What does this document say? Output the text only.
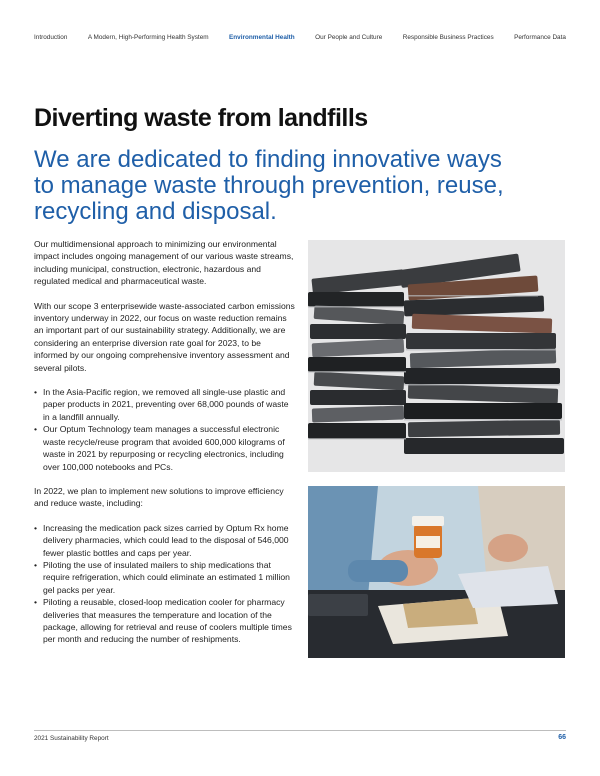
Introduction	A Modern, High-Performing Health System	Environmental Health	Our People and Culture	Responsible Business Practices	Performance Data
Diverting waste from landfills
We are dedicated to finding innovative ways to manage waste through prevention, reuse, recycling and disposal.

Our multidimensional approach to minimizing our environmental impact includes ongoing management of our various waste streams, including municipal, construction, electronic, hazardous and regulated medical and pharmaceutical waste.

With our scope 3 enterprisewide waste-associated carbon emissions inventory underway in 2022, our focus on waste reduction remains an important part of our sustainability strategy. Additionally, we are considering an enterprise diversion rate goal for 2023, to be informed by our ongoing comprehensive inventory assessment and several pilots.

• In the Asia-Pacific region, we removed all single-use plastic and paper products in 2021, preventing over 68,000 pounds of waste in a landfill annually.
• Our Optum Technology team manages a successful electronic waste recycle/reuse program that avoided 600,000 kilograms of waste in 2021 by repurposing or recycling electronics, including over 100,000 notebooks and PCs.

In 2022, we plan to implement new solutions to improve efficiency and reduce waste, including:

• Increasing the medication pack sizes carried by Optum Rx home delivery pharmacies, which could lead to the disposal of 546,000 fewer plastic bottles and caps per year.
• Piloting the use of insulated mailers to ship medications that require refrigeration, which could eliminate an estimated 1 million gel packs per year.
• Piloting a reusable, closed-loop medication cooler for pharmacy deliveries that measures the temperature and location of the package, allowing for retrieval and reuse of coolers multiple times per month and reducing the number of reshipments.
2021 Sustainability Report	66
